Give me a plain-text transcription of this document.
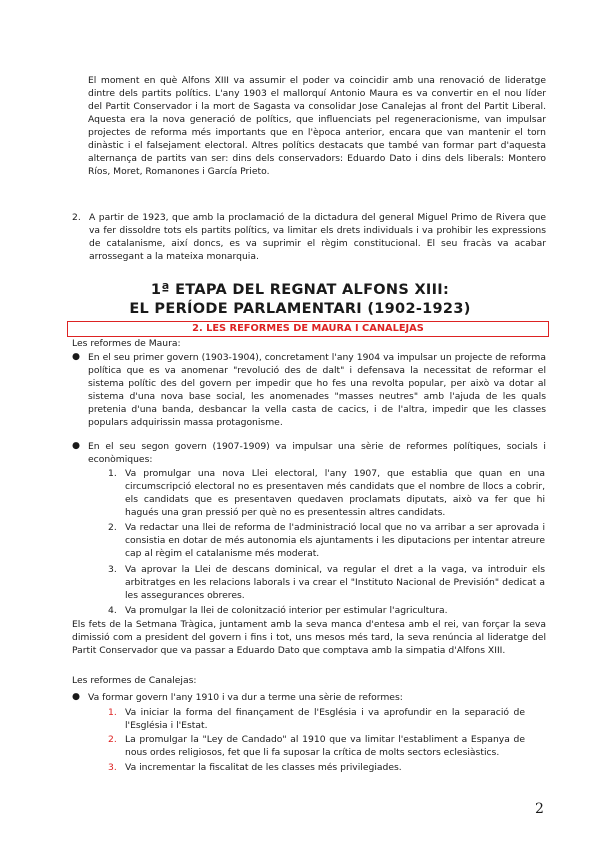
El moment en què Alfons XIII va assumir el poder va coincidir amb una renovació de lideratge dintre dels partits polítics. L'any 1903 el mallorquí Antonio Maura es va convertir en el nou líder del Partit Conservador i la mort de Sagasta va consolidar Jose Canalejas al front del Partit Liberal. Aquesta era la nova generació de polítics, que influenciats pel regeneracionisme, van impulsar projectes de reforma més importants que en l'època anterior, encara que van mantenir el torn dinàstic i el falsejament electoral. Altres polítics destacats que també van formar part d'aquesta alternança de partits van ser: dins dels conservadors: Eduardo Dato i dins dels liberals: Montero Ríos, Moret, Romanones i García Prieto.
2. A partir de 1923, que amb la proclamació de la dictadura del general Miguel Primo de Rivera que va fer dissoldre tots els partits polítics, va limitar els drets individuals i va prohibir les expressions de catalanisme, així doncs, es va suprimir el règim constitucional. El seu fracàs va acabar arrossegant a la mateixa monarquia.
1ª ETAPA DEL REGNAT ALFONS XIII:
EL PERÍODE PARLAMENTARI (1902-1923)
2. LES REFORMES DE MAURA I CANALEJAS
Les reformes de Maura:
● En el seu primer govern (1903-1904), concretament l'any 1904 va impulsar un projecte de reforma política que es va anomenar "revolució des de dalt" i defensava la necessitat de reformar el sistema polític des del govern per impedir que ho fes una revolta popular, per això va dotar al sistema d'una nova base social, les anomenades "masses neutres" amb l'ajuda de les quals pretenia d'una banda, desbancar la vella casta de cacics, i de l'altra, impedir que les classes populars adquirissin massa protagonisme.
● En el seu segon govern (1907-1909) va impulsar una sèrie de reformes polítiques, socials i econòmiques:
1. Va promulgar una nova Llei electoral, l'any 1907, que establia que quan en una circumscripció electoral no es presentaven més candidats que el nombre de llocs a cobrir, els candidats que es presentaven quedaven proclamats diputats, això va fer que hi hagués una gran pressió per què no es presentessin altres candidats.
2. Va redactar una llei de reforma de l'administració local que no va arribar a ser aprovada i consistia en dotar de més autonomia els ajuntaments i les diputacions per intentar atreure cap al règim el catalanisme més moderat.
3. Va aprovar la Llei de descans dominical, va regular el dret a la vaga, va introduir els arbitratges en les relacions laborals i va crear el "Instituto Nacional de Previsión" dedicat a les assegurances obreres.
4. Va promulgar la llei de colonització interior per estimular l'agricultura.
Els fets de la Setmana Tràgica, juntament amb la seva manca d'entesa amb el rei, van forçar la seva dimissió com a president del govern i fins i tot, uns mesos més tard, la seva renúncia al lideratge del Partit Conservador que va passar a Eduardo Dato que comptava amb la simpatia d'Alfons XIII.
Les reformes de Canalejas:
● Va formar govern l'any 1910 i va dur a terme una sèrie de reformes:
1. Va iniciar la forma del finançament de l'Església i va aprofundir en la separació de l'Església i l'Estat.
2. La promulgar la "Ley de Candado" al 1910 que va limitar l'establiment a Espanya de nous ordes religiosos, fet que li fa suposar la crítica de molts sectors eclesiàstics.
3. Va incrementar la fiscalitat de les classes més privilegiades.
2
